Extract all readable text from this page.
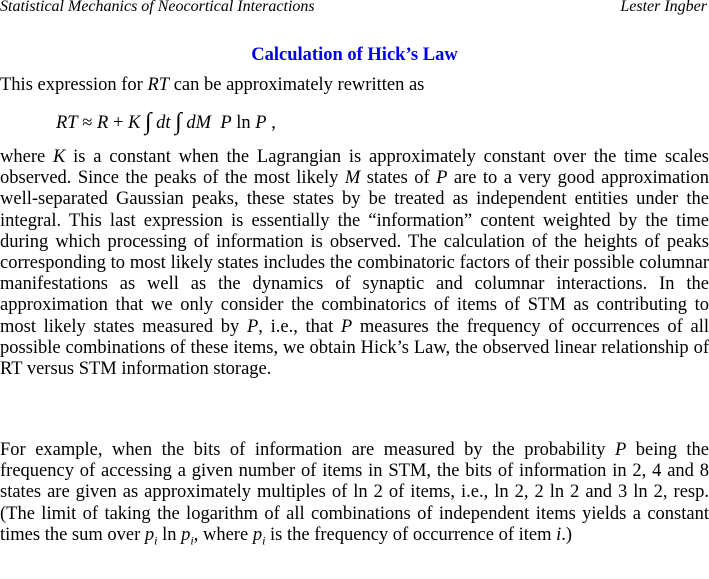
Statistical Mechanics of Neocortical Interactions	Lester Ingber
Calculation of Hick’s Law

This expression for RT can be approximately rewritten as

RT ≈ R + K ∫ dt ∫ dM P ln P ,

where K is a constant when the Lagrangian is approximately constant over the time scales observed. Since the peaks of the most likely M states of P are to a very good approximation well-separated Gaussian peaks, these states by be treated as independent entities under the integral. This last expression is essentially the “information” content weighted by the time during which processing of information is observed. The calculation of the heights of peaks corresponding to most likely states includes the combinatoric factors of their possible columnar manifestations as well as the dynamics of synaptic and columnar interactions. In the approximation that we only consider the combinatorics of items of STM as contributing to most likely states measured by P, i.e., that P measures the frequency of occurrences of all possible combinations of these items, we obtain Hick’s Law, the observed linear relationship of RT versus STM information storage.

For example, when the bits of information are measured by the probability P being the frequency of accessing a given number of items in STM, the bits of information in 2, 4 and 8 states are given as approximately multiples of ln 2 of items, i.e., ln 2, 2 ln 2 and 3 ln 2, resp. (The limit of taking the logarithm of all combinations of independent items yields a constant times the sum over $p_i$ $\ln p_i$, where $p_i$ is the frequency of occurrence of item i.)
